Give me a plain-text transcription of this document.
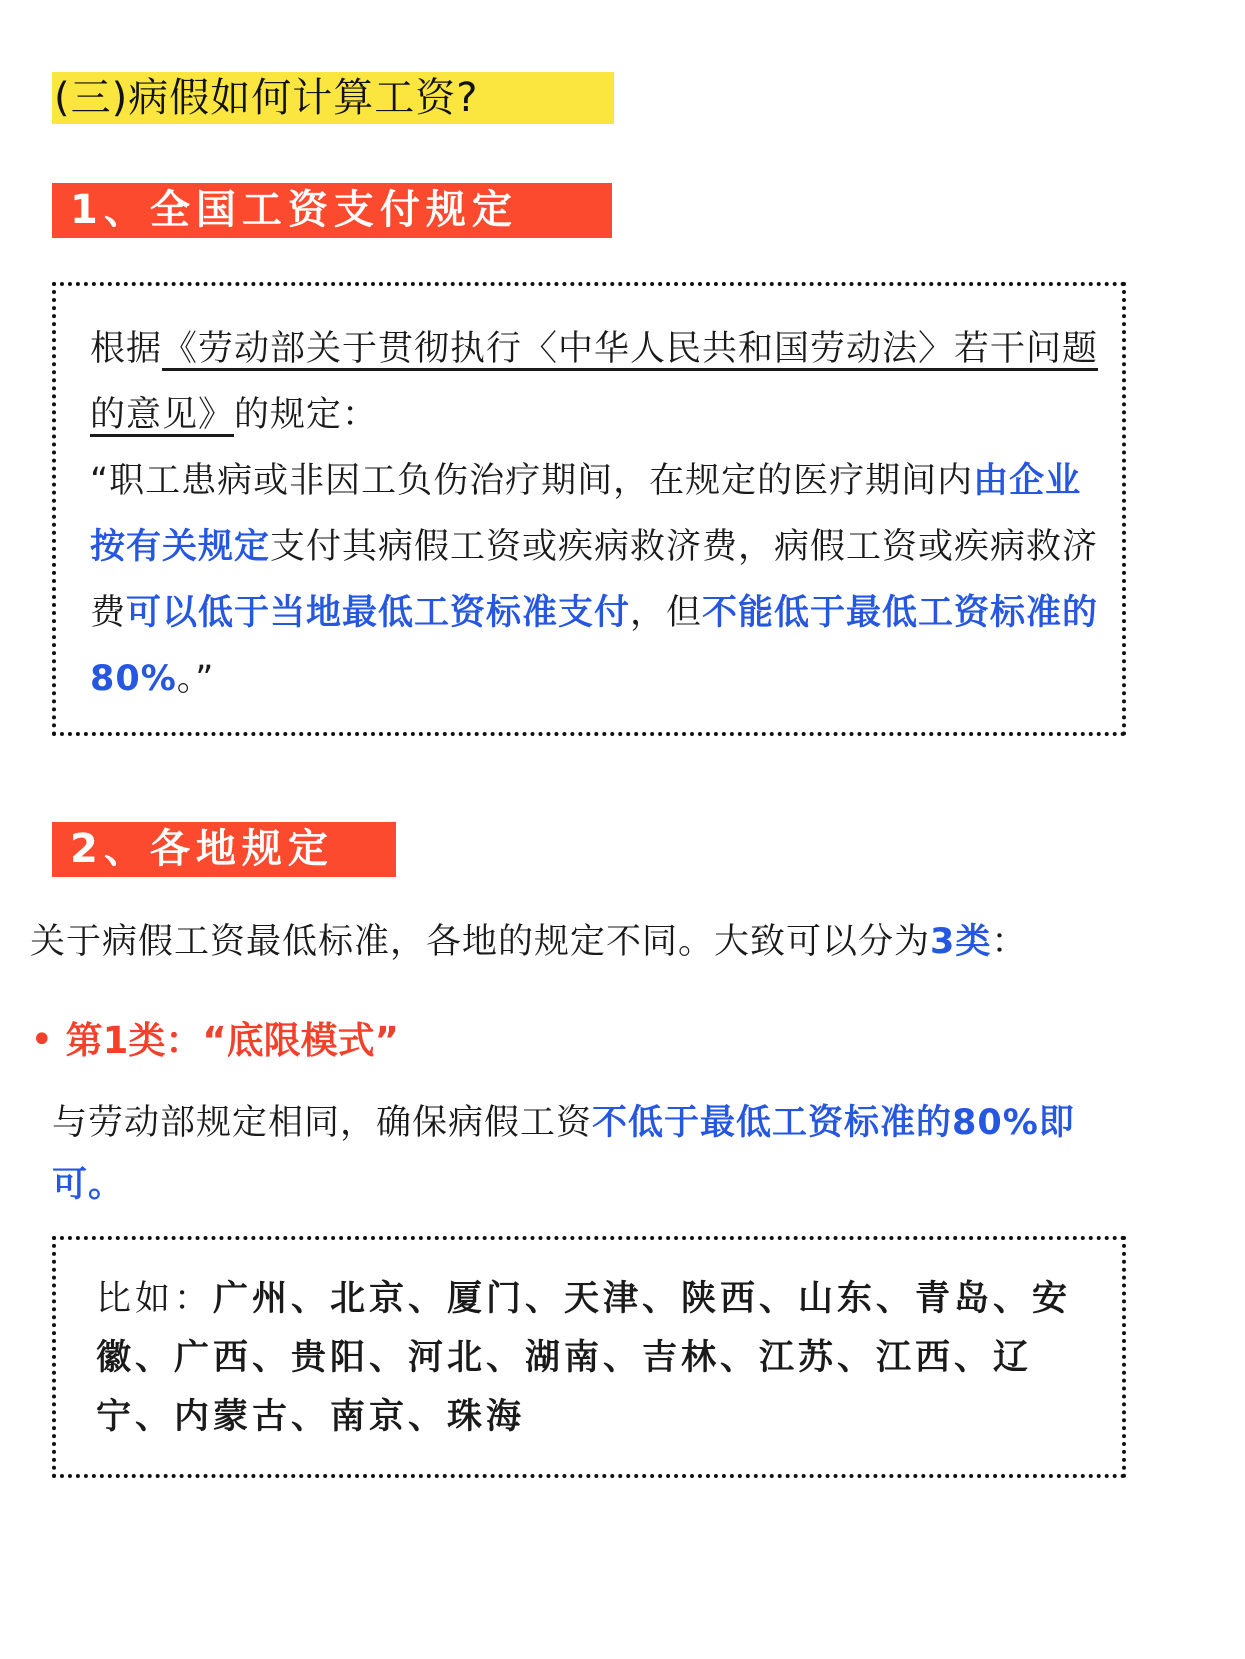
(三)病假如何计算工资?
1、全国工资支付规定
根据《劳动部关于贯彻执行〈中华人民共和国劳动法〉若干问题的意见》的规定：
“职工患病或非因工负伤治疗期间，在规定的医疗期间内由企业按有关规定支付其病假工资或疾病救济费，病假工资或疾病救济费可以低于当地最低工资标准支付，但不能低于最低工资标准的80%。”
2、各地规定
关于病假工资最低标准，各地的规定不同。大致可以分为3类：
• 第1类：“底限模式”
与劳动部规定相同，确保病假工资不低于最低工资标准的80%即可。
比如：广州、北京、厦门、天津、陕西、山东、青岛、安徽、广西、贵阳、河北、湖南、吉林、江苏、江西、辽宁、内蒙古、南京、珠海
